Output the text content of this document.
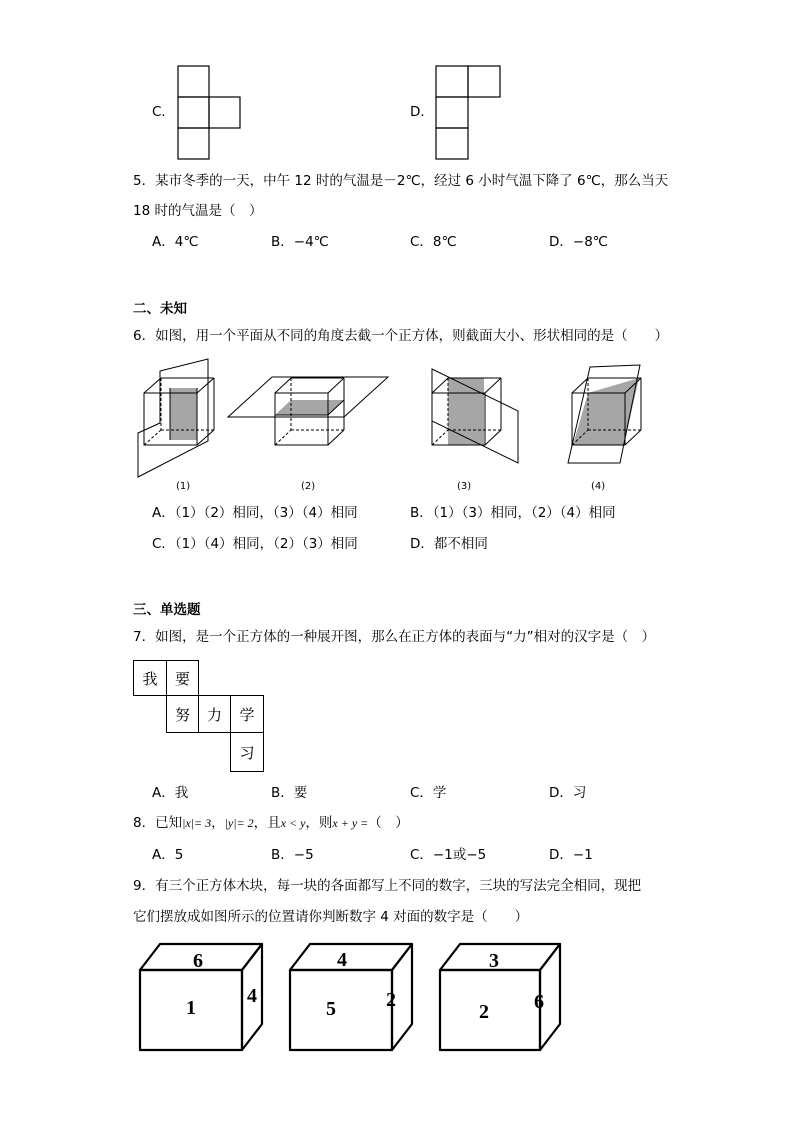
C．	D．
5．某市冬季的一天，中午 12 时的气温是－2℃，经过 6 小时气温下降了 6℃，那么当天
18 时的气温是（　）
A．4℃	B．−4℃	C．8℃	D．−8℃
二、未知
6．如图，用一个平面从不同的角度去截一个正方体，则截面大小、形状相同的是（　　）
(1)	(2)	(3)	(4)
A．（1）（2）相同，（3）（4）相同	B．（1）（3）相同，（2）（4）相同
C．（1）（4）相同，（2）（3）相同	D．都不相同
三、单选题
7．如图，是一个正方体的一种展开图，那么在正方体的表面与“力”相对的汉字是（　）
我	要
努	力	学
习
A．我	B．要	C．学	D．习
8．已知|x|= 3，|y|= 2，且x < y，则x + y =（　）
A．5	B．−5	C．−1或−5	D．−1
9．有三个正方体木块，每一块的各面都写上不同的数字，三块的写法完全相同，现把
它们摆放成如图所示的位置请你判断数字 4 对面的数字是（　　）
6
1
4
4
5	2
3
2 6
